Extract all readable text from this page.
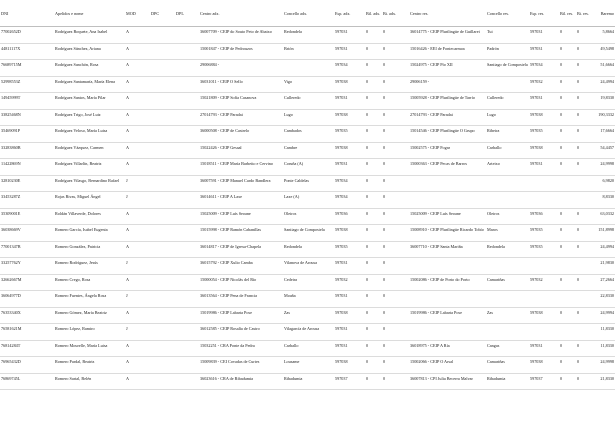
DNI	Apelidos e nome	MOD	DPC	DPL	Centro adx.	Concello adx.	Esp. adx.	Bil. adx.	Bi. adx.	Centro res.	Concello res.	Esp. res.	Bil. res.	Bi. res.	Baremo
77002652D	Rodríguez Boquete, Ana Isabel	A			36007709 - CEIP do Souto Peto de Abaixo	Redondela	597031	0	0	36014775 - CEIP Plurilingüe de Guillarei	Tui	597031	0	0	5,8664
44811117X	Rodríguez Sánchez, Ariana	A			15001847 - CEIP de Pedrouzos	Brión	597031	0	0	15016426 - EEI de Fontecarmoa	Padrón	597031	0	0	49,5498
76689715M	Rodríguez Sanchón, Rosa	A			29006884 -		597034	0	0	15024975 - CEIP Pío XII	Santiago de Compostela	597034	0	0	51,6664
52998553Z	Rodríguez Santamaría, María Elena	A			36031011 - CEIP O Sello	Vigo	597038	0	0	29006159 -		597032	0	0	24,4994
14945999T	Rodríguez Santos, María Pilar	A			15021809 - CEIP Sofía Casanova	Culleredo	597031	0	0	15005928 - CEIP Plurilingüe de Tarrío	Culleredo	597031	0	0	19,8330
33825468N	Rodríguez Trigo, José Luiz	A			27014793 - CEIP Paradai	Lugo	597038	0	0	27014793 - CEIP Paradai	Lugo	597038	0	0	190,3332
35469091P	Rodríguez Veloso, María Luisa	A			36000508 - CEIP de Castrelo	Cambados	597035	0	0	15014546 - CEIP Plurilingüe O Grupo	Ribeira	597035	0	0	17,6664
33283860B	Rodríguez Vázquez, Carmen	A			15022426 - CEIP Gesaal	Cambre	597038	0	0	15002575 - CEIP Fogar	Carballo	597038	0	0	54,4457
11422869N	Rodríguez Villarlín, Beatriz	A			15018511 - CEIP María Barbeito e Cervino	Coruña (A)	597031	0	0	15000363 - CEIP Pecas de Barros	Arteixo	597031	0	0	24,9998
32810230E	Rodríguez Vilasgo, Bernardino Rafael	J			36007591 - CEIP Manuel Cardo Bandlera	Ponte Caldelas	597034	0	0						6,9820
33453287Z	Rojas Rivas, Miguel Ángel	J			36014611 - CEIP A Laxe	Laxe (A)	597034	0	0						8,8330
35309001E	Roldán Villaverde, Dolores	A			15025009 - CEIP Luís Seoane	Oleiros	597036	0	0	15025009 - CEIP Luís Seoane	Oleiros	597036	0	0	63,0332
36038669V	Romero García, Isabel Eugenia	A			15015998 - CEIP Ramón Cabanillas	Santiago de Compostela	597038	0	0	15008910 - CEIP Plurilingüe Ricardo Tobío	Maros	597035	0	0	151,8998
77001347B	Romero González, Patricia	A			36014817 - CEIP de Igrexa-Chapela	Redondela	597035	0	0	36007710 - CEIP Santa Mariña	Redondela	597035	0	0	24,4994
33257762Y	Romero Rodríguez, Jesús	J			36015792 - CEIP Xulio Camba	Vilanova de Arousa	597031	0	0						21,9830
32662667M	Romero Crego, Rosa	A			15000054 - CEIP Nicolás del Río	Cedeira	597032	0	0	15002086 - CEIP de Porto do Porto	Camariñas	597032	0	0	27,2664
36064977D	Romero Fuentes, Ángela Rosa	J			36013564 - CEIP Pena de Francia	Moaña	597031	0	0						22,8330
76353340X	Romero Gómez, María Beatriz	A			15019986 - CEIP Labarta Pose	Zas	597038	0	0	15019986 - CEIP Labarta Pose	Zas	597038	0	0	24,9994
76581621M	Romero López, Ramiro	J			36012585 - CEIP Rosalía de Castro	Vilagarcía de Arousa	597031	0	0						11,8330
76814284T	Romero Mourelle, María Luisa	A			15032251 - CRA Ponte da Pedra	Carballo	597031	0	0	36018975 - CEIP A Ría	Cangas	597031	0	0	11,8330
76965432D	Romero Pardal, Beatriz	A			15009839 - CEI Covadas de Curtes	Lousame	597038	0	0	15002066 - CEIP O Arsal	Camariñas	597038	0	0	24,9998
76869745L	Romero Sartal, Belén	A			36023616 - CRA de Ribadumia	Ribadumia	597037	0	0	36007813 - CPI Julia Becerra Malvar	Ribadumia	597037	0	0	21,8330
